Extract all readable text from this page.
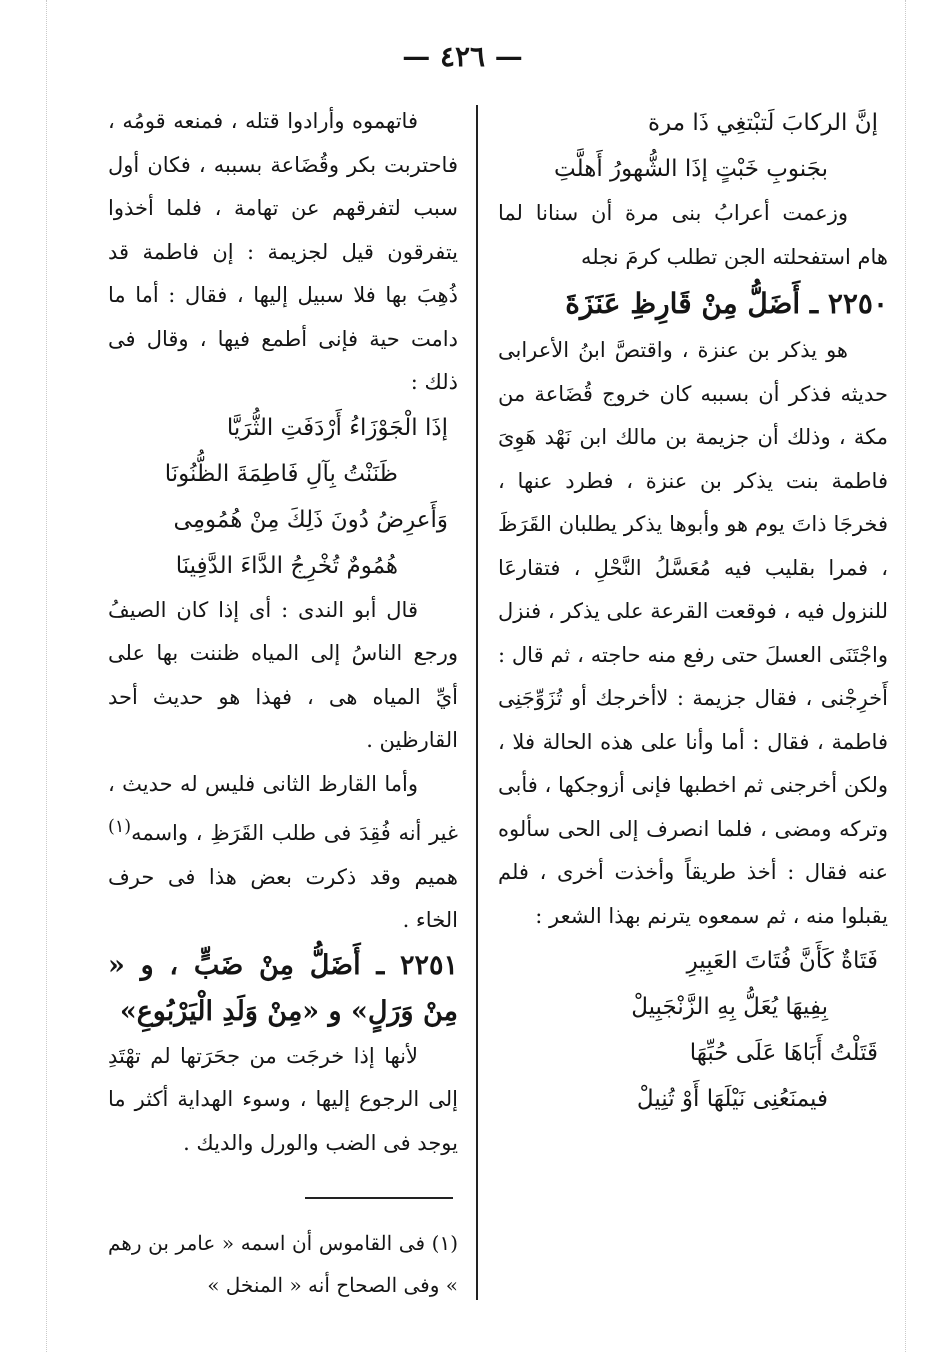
— ٤٢٦ —

إنَّ الركابَ لَتبْتغِي ذَا مرة

بجَنوبِ خَبْتٍ إذَا الشُّهورُ أَهلَّتِ

وزعمت أعرابُ بنى مرة أن سنانا لما هام استفحلته الجن تطلب كرمَ نجله

٢٢٥٠ ـ أَضَلُّ مِنْ قَارِظِ عَنَزَةَ

هو يذكر بن عنزة ، واقتصَّ ابنُ الأعرابى حديثه فذكر أن بسببه كان خروج قُضَاعة من مكة ، وذلك أن جزيمة بن مالك ابن نَهْد هَوِىَ فاطمة بنت يذكر بن عنزة ، فطرد عنها ، فخرجَا ذاتَ يوم هو وأبوها يذكر يطلبان القَرَظَ ، فمرا بقليب فيه مُعَسَّلُ النَّحْلِ ، فتقارعَا للنزول فيه ، فوقعت القرعة على يذكر ، فنزل واجْتَنَى العسلَ حتى رفع منه حاجته ، ثم قال : أَخرِجْنى ، فقال جزيمة : لاأخرجك أو تُزَوِّجَنِى فاطمة ، فقال : أما وأنا على هذه الحالة فلا ، ولكن أخرجنى ثم اخطبها فإنى أزوجكها ، فأبى وتركه ومضى ، فلما انصرف إلى الحى سألوه عنه فقال : أخذ طريقاً وأخذت أخرى ، فلم يقبلوا منه ، ثم سمعوه يترنم بهذا الشعر :

فَتَاةٌ كَأَنَّ فُتَاتَ العَبِيرِ

بِفِيهَا يُعَلُّ بِهِ الزَّنْجَبِيلْ

قَتَلْتُ أَبَاهَا عَلَى حُبِّهَا

فيمنَعُنِى نَيْلَهَا أَوْ تُنِيلْ

فاتهموه وأرادوا قتله ، فمنعه قومُه ، فاحتربت بكر وقُضَاعة بسببه ، فكان أول سبب لتفرقهم عن تهامة ، فلما أخذوا يتفرقون قيل لجزيمة : إن فاطمة قد ذُهِبَ بها فلا سبيل إليها ، فقال : أما ما دامت حية فإنى أطمع فيها ، وقال فى ذلك :

إذَا الْجَوْزَاءُ أَرْدَفَتِ الثُّرَيَّا

ظَنَنْتُ بِآلِ فَاطِمَةَ الظُّنُونَا

وَأَعرِضُ دُونَ ذَلِكَ مِنْ هُمُومِى

هُمُومٌ تُخْرِجُ الدَّاءَ الدَّفِينَا

قال أبو الندى : أى إذا كان الصيفُ ورجع الناسُ إلى المياه ظننت بها على أيِّ المياه هى ، فهذا هو حديث أحد القارظين .

وأما القارظ الثانى فليس له حديث ، غير أنه فُقِدَ فى طلب القَرَظِ ، واسمه$^{(١)}$ هميم وقد ذكرت بعض هذا فى حرف الخاء .

٢٢٥١ ـ أَضَلُّ مِنْ ضَبٍّ ، و « مِنْ وَرَلٍ» و «مِنْ وَلَدِ الْيَرْبُوعِ»

لأنها إذا خرجَت من جحَرَتها لم تهْتَدِ إلى الرجوع إليها ، وسوء الهداية أكثر ما يوجد فى الضب والورل والديك .

(١) فى القاموس أن اسمه « عامر بن رهم » وفى الصحاح أنه « المنخل »
